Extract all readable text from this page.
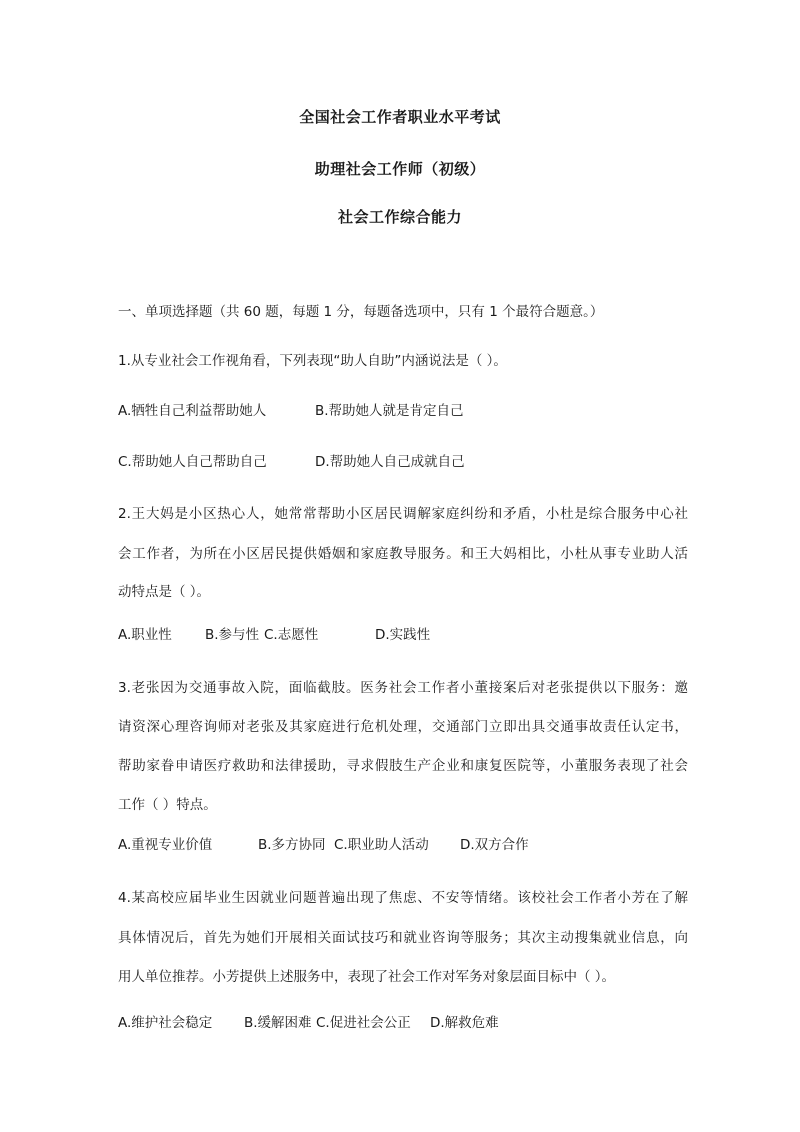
全国社会工作者职业水平考试
助理社会工作师（初级）
社会工作综合能力
一、单项选择题（共 60 题，每题 1 分，每题备选项中，只有 1 个最符合题意。）
1.从专业社会工作视角看，下列表现“助人自助”内涵说法是（ ）。
A.牺牲自己利益帮助她人	B.帮助她人就是肯定自己
C.帮助她人自己帮助自己	D.帮助她人自己成就自己
2.王大妈是小区热心人，她常常帮助小区居民调解家庭纠纷和矛盾，小杜是综合服务中心社
会工作者，为所在小区居民提供婚姻和家庭教导服务。和王大妈相比，小杜从事专业助人活
动特点是（ ）。
A.职业性 B.参与性 C.志愿性	D.实践性
3.老张因为交通事故入院，面临截肢。医务社会工作者小董接案后对老张提供以下服务：邀
请资深心理咨询师对老张及其家庭进行危机处理，交通部门立即出具交通事故责任认定书，
帮助家眷申请医疗救助和法律援助，寻求假肢生产企业和康复医院等，小董服务表现了社会
工作（ ）特点。
A.重视专业价值	B.多方协同 C.职业助人活动 D.双方合作
4.某高校应届毕业生因就业问题普遍出现了焦虑、不安等情绪。该校社会工作者小芳在了解
具体情况后，首先为她们开展相关面试技巧和就业咨询等服务；其次主动搜集就业信息，向
用人单位推荐。小芳提供上述服务中，表现了社会工作对军务对象层面目标中（ ）。
A.维护社会稳定 B.缓解困难 C.促进社会公正 D.解救危难
